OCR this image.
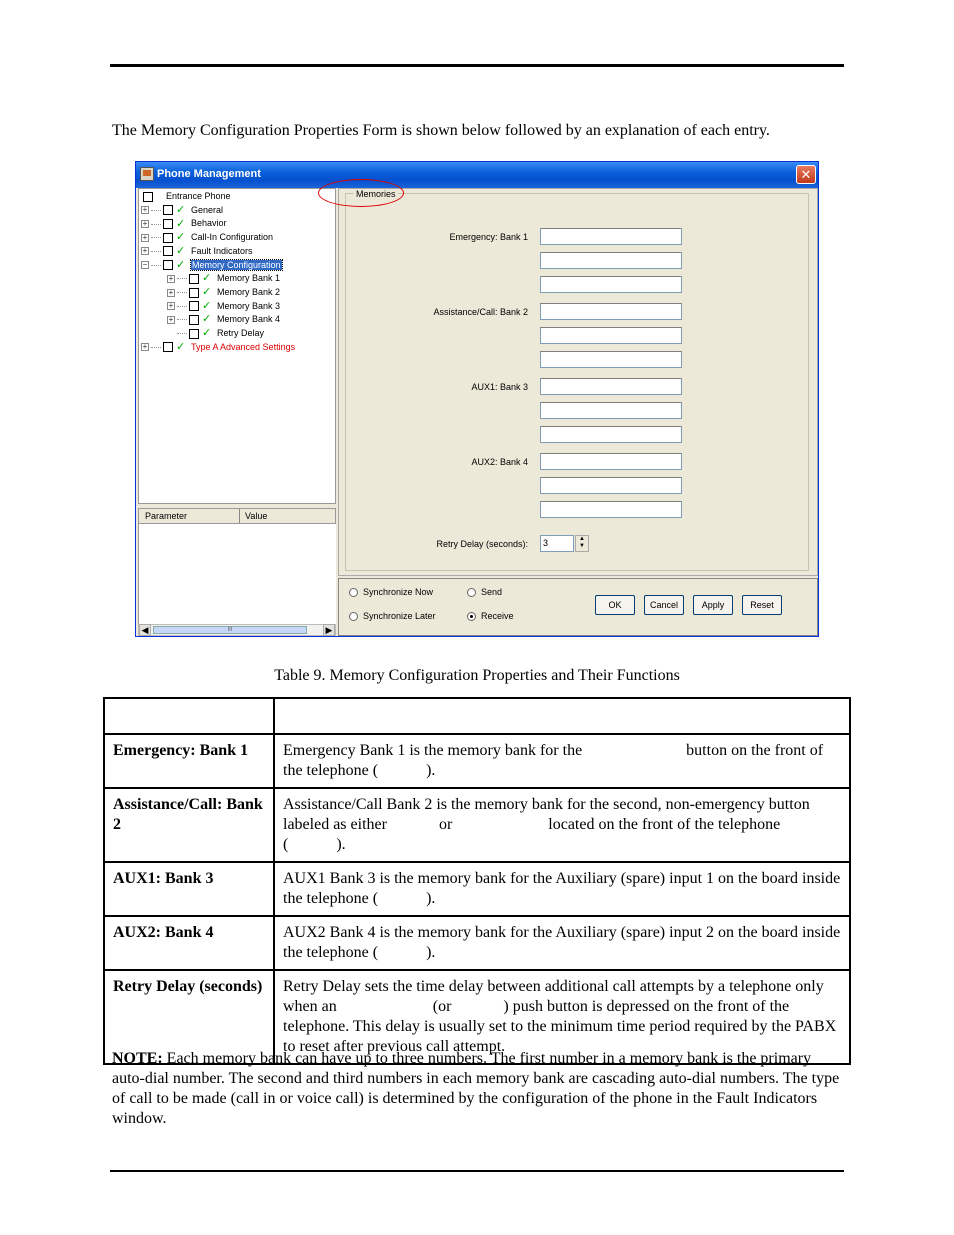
The Memory Configuration Properties Form is shown below followed by an explanation of each entry.

Phone Management	✕
Entrance Phone
+	✓ General
+	✓ Behavior
+	✓ Call-In Configuration
+	✓ Fault Indicators
−	✓ Memory Configuration
+	✓ Memory Bank 1
+	✓ Memory Bank 2
+	✓ Memory Bank 3
+	✓ Memory Bank 4
✓ Retry Delay
+	✓ Type A Advanced Settings
Parameter	Value
◀	III	▶
Memories
Emergency: Bank 1
Assistance/Call: Bank 2
AUX1: Bank 3
AUX2: Bank 4
Retry Delay (seconds):	3	▲
▼
Synchronize Now
Synchronize Later
Send
Receive
OK	Cancel	Apply	Reset

Table 9. Memory Configuration Properties and Their Functions

Emergency: Bank 1	Emergency Bank 1 is the memory bank for the                          button on the front of the telephone (            ).
Assistance/Call: Bank 2	Assistance/Call Bank 2 is the memory bank for the second, non-emergency button labeled as either             or                        located on the front of the telephone (            ).
AUX1: Bank 3	AUX1 Bank 3 is the memory bank for the Auxiliary (spare) input 1 on the board inside the telephone (            ).
AUX2: Bank 4	AUX2 Bank 4 is the memory bank for the Auxiliary (spare) input 2 on the board inside the telephone (            ).
Retry Delay (seconds)	Retry Delay sets the time delay between additional call attempts by a telephone only when an                        (or             ) push button is depressed on the front of the telephone. This delay is usually set to the minimum time period required by the PABX to reset after previous call attempt.

NOTE: Each memory bank can have up to three numbers. The first number in a memory bank is the primary auto-dial number. The second and third numbers in each memory bank are cascading auto-dial numbers. The type of call to be made (call in or voice call) is determined by the configuration of the phone in the Fault Indicators window.
